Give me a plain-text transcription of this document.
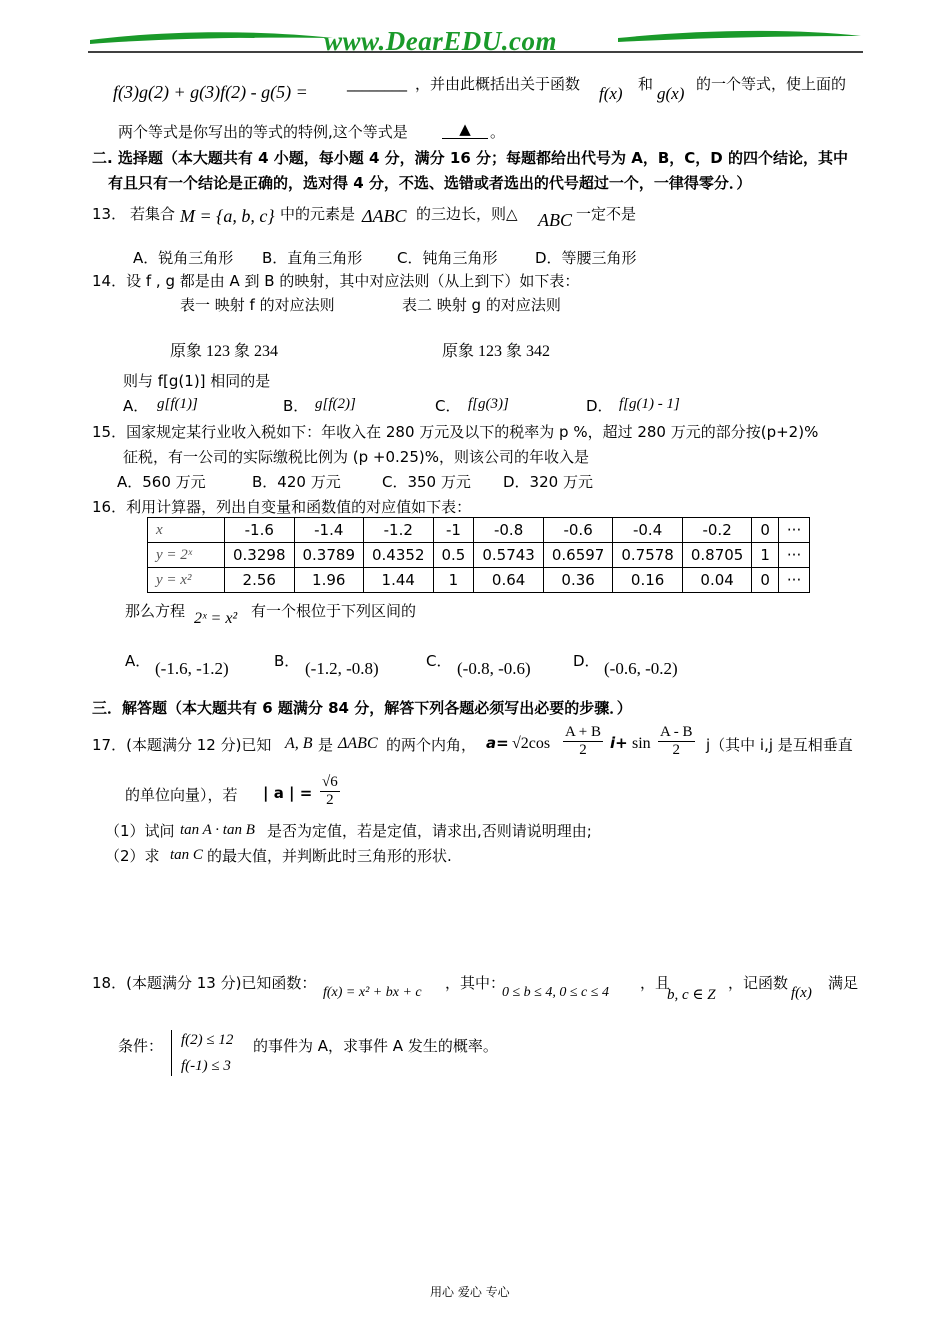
www.DearEDU.com
f(3)g(2) + g(3)f(2) - g(5) =	________ ，并由此概括出关于函数 f(x) 和 g(x) 的一个等式，使上面的
两个等式是你写出的等式的特例,这个等式是	▲	。
二. 选择题（本大题共有 4 小题，每小题 4 分，满分 16 分；每题都给出代号为 A，B，C，D 的四个结论，其中
有且只有一个结论是正确的，选对得 4 分，不选、选错或者选出的代号超过一个，一律得零分．）
13． 若集合 M = {a, b, c} 中的元素是 ΔABC 的三边长，则△ ABC 一定不是
A．锐角三角形 B．直角三角形 C．钝角三角形	D．等腰三角形
14．设 f , g 都是由 A 到 B 的映射，其中对应法则（从上到下）如下表：
表一 映射 f 的对应法则	表二 映射 g 的对应法则
原象 123 象 234	原象 123 象 342
则与 f[g(1)] 相同的是
A． g[f(1)]	B． g[f(2)]	C． f[g(3)]	D． f[g(1) - 1]
15．国家规定某行业收入税如下：年收入在 280 万元及以下的税率为 p %，超过 280 万元的部分按(p+2)%
征税，有一公司的实际缴税比例为 (p +0.25)%，则该公司的年收入是
A．560 万元	B．420 万元	C．350 万元 D．320 万元
16．利用计算器，列出自变量和函数值的对应值如下表：
x	-1.6	-1.4	-1.2	-1	-0.8	-0.6	-0.4	-0.2	0	···
y = 2ˣ	0.3298	0.3789	0.4352	0.5	0.5743	0.6597	0.7578	0.8705	1	···
y = x²	2.56	1.96	1.44	1	0.64	0.36	0.16	0.04	0	···
那么方程 2ˣ = x² 有一个根位于下列区间的
A． (-1.6, -1.2)	B． (-1.2, -0.8)	C． (-0.8, -0.6)	D． (-0.6, -0.2)
三．解答题（本大题共有 6 题满分 84 分，解答下列各题必须写出必要的步骤．）
17．(本题满分 12 分)已知 A, B 是 ΔABC 的两个内角， $a= √2\cos \frac{A + B}{2} i+ \sin \frac{A - B}{2} j$（其中 i,j 是互相垂直
的单位向量），若 | a | = $\frac{√6}{2}$
（1）试问 tan A · tan B 是否为定值，若是定值，请求出,否则请说明理由;
（2）求 tan C 的最大值，并判断此时三角形的形状.
18．(本题满分 13 分)已知函数：
f(x) = x² + bx + c
，其中：
0 ≤ b ≤ 4, 0 ≤ c ≤ 4
，且
b, c ∈ Z
，记函数
f(x)
满足
条件： f(2) ≤ 12 的事件为 A，求事件 A 发生的概率。
f(-1) ≤ 3
用心 爱心 专心
